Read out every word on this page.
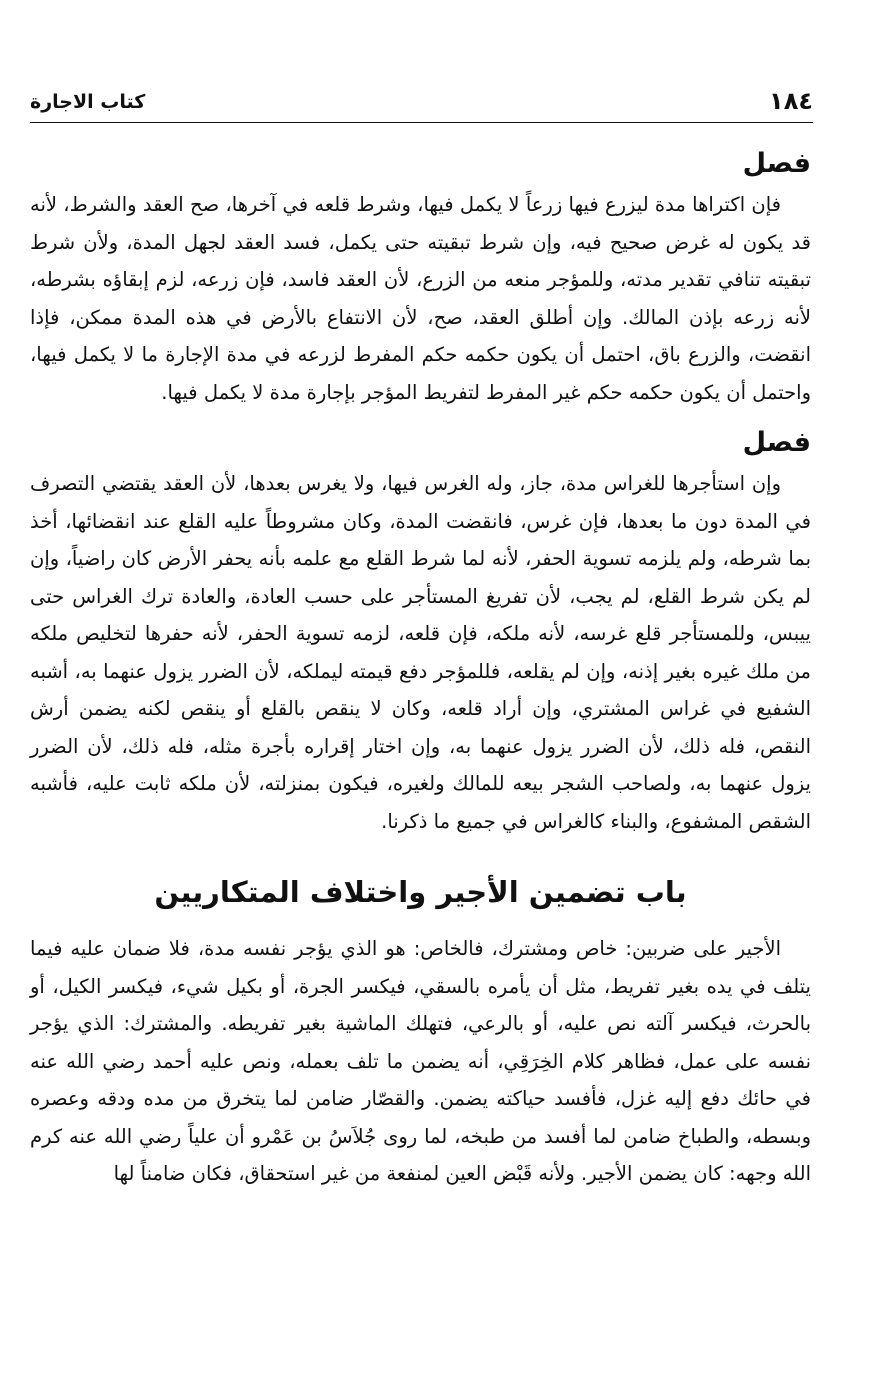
١٨٤
كتاب الاجارة
فصل

فإن اكتراها مدة ليزرع فيها زرعاً لا يكمل فيها، وشرط قلعه في آخرها، صح العقد والشرط، لأنه قد يكون له غرض صحيح فيه، وإن شرط تبقيته حتى يكمل، فسد العقد لجهل المدة، ولأن شرط تبقيته تنافي تقدير مدته، وللمؤجر منعه من الزرع، لأن العقد فاسد، فإن زرعه، لزم إبقاؤه بشرطه، لأنه زرعه بإذن المالك. وإن أطلق العقد، صح، لأن الانتفاع بالأرض في هذه المدة ممكن، فإذا انقضت، والزرع باق، احتمل أن يكون حكمه حكم المفرط لزرعه في مدة الإجارة ما لا يكمل فيها، واحتمل أن يكون حكمه حكم غير المفرط لتفريط المؤجر بإجارة مدة لا يكمل فيها.

فصل

وإن استأجرها للغراس مدة، جاز، وله الغرس فيها، ولا يغرس بعدها، لأن العقد يقتضي التصرف في المدة دون ما بعدها، فإن غرس، فانقضت المدة، وكان مشروطاً عليه القلع عند انقضائها، أخذ بما شرطه، ولم يلزمه تسوية الحفر، لأنه لما شرط القلع مع علمه بأنه يحفر الأرض كان راضياً، وإن لم يكن شرط القلع، لم يجب، لأن تفريغ المستأجر على حسب العادة، والعادة ترك الغراس حتى ييبس، وللمستأجر قلع غرسه، لأنه ملكه، فإن قلعه، لزمه تسوية الحفر، لأنه حفرها لتخليص ملكه من ملك غيره بغير إذنه، وإن لم يقلعه، فللمؤجر دفع قيمته ليملكه، لأن الضرر يزول عنهما به، أشبه الشفيع في غراس المشتري، وإن أراد قلعه، وكان لا ينقص بالقلع أو ينقص لكنه يضمن أرش النقص، فله ذلك، لأن الضرر يزول عنهما به، وإن اختار إقراره بأجرة مثله، فله ذلك، لأن الضرر يزول عنهما به، ولصاحب الشجر بيعه للمالك ولغيره، فيكون بمنزلته، لأن ملكه ثابت عليه، فأشبه الشقص المشفوع، والبناء كالغراس في جميع ما ذكرنا.

باب تضمين الأجير واختلاف المتكاريين

الأجير على ضربين: خاص ومشترك، فالخاص: هو الذي يؤجر نفسه مدة، فلا ضمان عليه فيما يتلف في يده بغير تفريط، مثل أن يأمره بالسقي، فيكسر الجرة، أو بكيل شيء، فيكسر الكيل، أو بالحرث، فيكسر آلته نص عليه، أو بالرعي، فتهلك الماشية بغير تفريطه. والمشترك: الذي يؤجر نفسه على عمل، فظاهر كلام الخِرَقِي، أنه يضمن ما تلف بعمله، ونص عليه أحمد رضي الله عنه في حائك دفع إليه غزل، فأفسد حياكته يضمن. والقصّار ضامن لما يتخرق من مده ودقه وعصره وبسطه، والطباخ ضامن لما أفسد من طبخه، لما روى جُلاَسُ بن عَمْرو أن علياً رضي الله عنه كرم الله وجهه: كان يضمن الأجير. ولأنه قَبْض العين لمنفعة من غير استحقاق، فكان ضامناً لها
